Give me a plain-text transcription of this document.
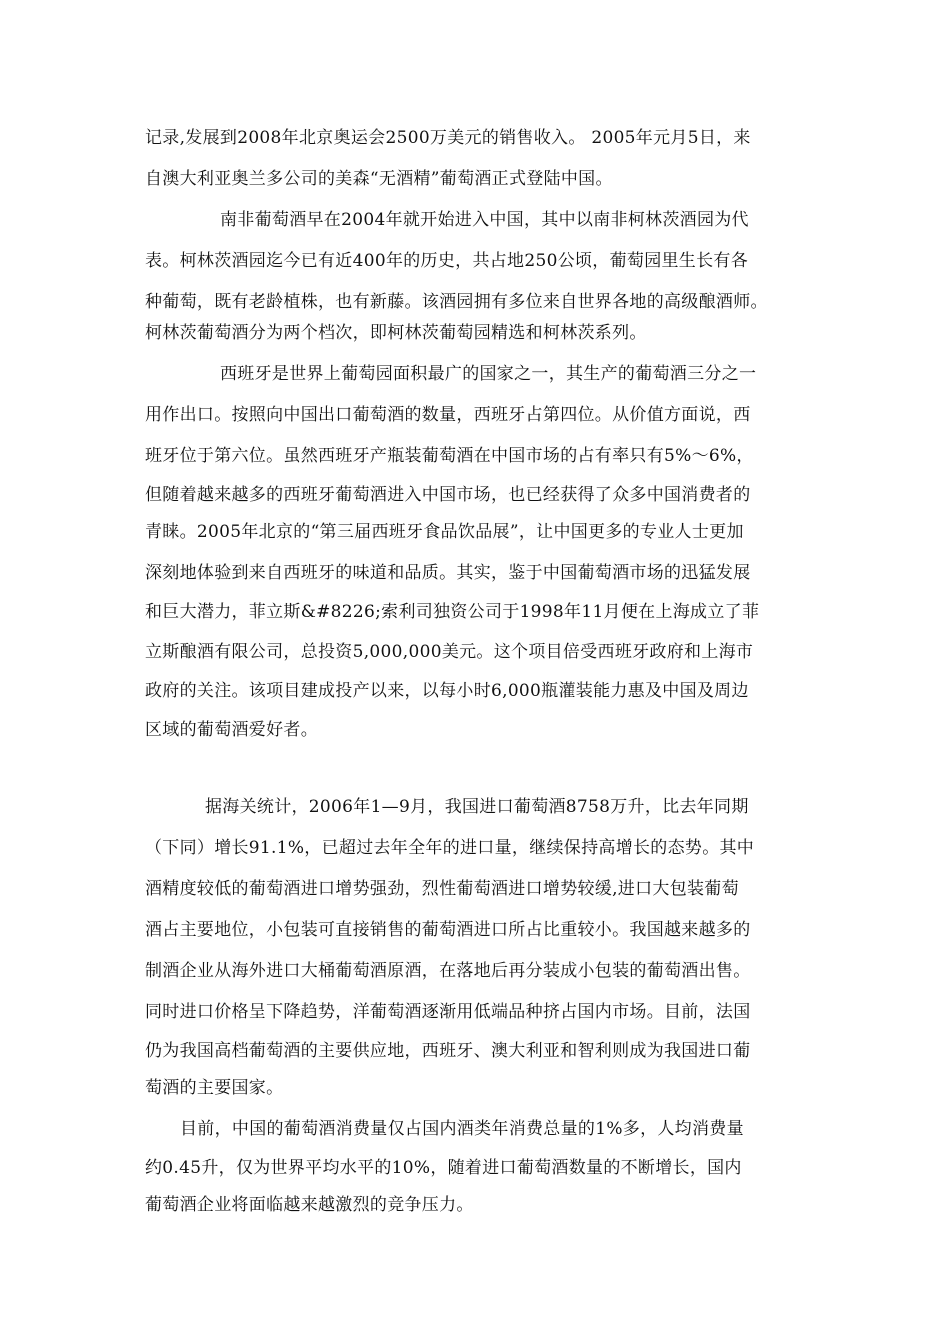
记录,发展到2008年北京奥运会2500万美元的销售收入。 2005年元月5日，来
自澳大利亚奥兰多公司的美森“无酒精”葡萄酒正式登陆中国。
南非葡萄酒早在2004年就开始进入中国，其中以南非柯林茨酒园为代
表。柯林茨酒园迄今已有近400年的历史，共占地250公顷，葡萄园里生长有各
种葡萄，既有老龄植株，也有新藤。该酒园拥有多位来自世界各地的高级酿酒师。
柯林茨葡萄酒分为两个档次，即柯林茨葡萄园精选和柯林茨系列。
西班牙是世界上葡萄园面积最广的国家之一，其生产的葡萄酒三分之一
用作出口。按照向中国出口葡萄酒的数量，西班牙占第四位。从价值方面说，西
班牙位于第六位。虽然西班牙产瓶装葡萄酒在中国市场的占有率只有5%～6%，
但随着越来越多的西班牙葡萄酒进入中国市场，也已经获得了众多中国消费者的
青睐。2005年北京的“第三届西班牙食品饮品展”，让中国更多的专业人士更加
深刻地体验到来自西班牙的味道和品质。其实，鉴于中国葡萄酒市场的迅猛发展
和巨大潜力，菲立斯&#8226;索利司独资公司于1998年11月便在上海成立了菲
立斯酿酒有限公司，总投资5,000,000美元。这个项目倍受西班牙政府和上海市
政府的关注。该项目建成投产以来，以每小时6,000瓶灌装能力惠及中国及周边
区域的葡萄酒爱好者。
据海关统计，2006年1—9月，我国进口葡萄酒8758万升，比去年同期
（下同）增长91.1%，已超过去年全年的进口量，继续保持高增长的态势。其中
酒精度较低的葡萄酒进口增势强劲，烈性葡萄酒进口增势较缓,进口大包装葡萄
酒占主要地位，小包装可直接销售的葡萄酒进口所占比重较小。我国越来越多的
制酒企业从海外进口大桶葡萄酒原酒，在落地后再分装成小包装的葡萄酒出售。
同时进口价格呈下降趋势，洋葡萄酒逐渐用低端品种挤占国内市场。目前，法国
仍为我国高档葡萄酒的主要供应地，西班牙、澳大利亚和智利则成为我国进口葡
萄酒的主要国家。
目前，中国的葡萄酒消费量仅占国内酒类年消费总量的1%多，人均消费量
约0.45升，仅为世界平均水平的10%，随着进口葡萄酒数量的不断增长，国内
葡萄酒企业将面临越来越激烈的竞争压力。
